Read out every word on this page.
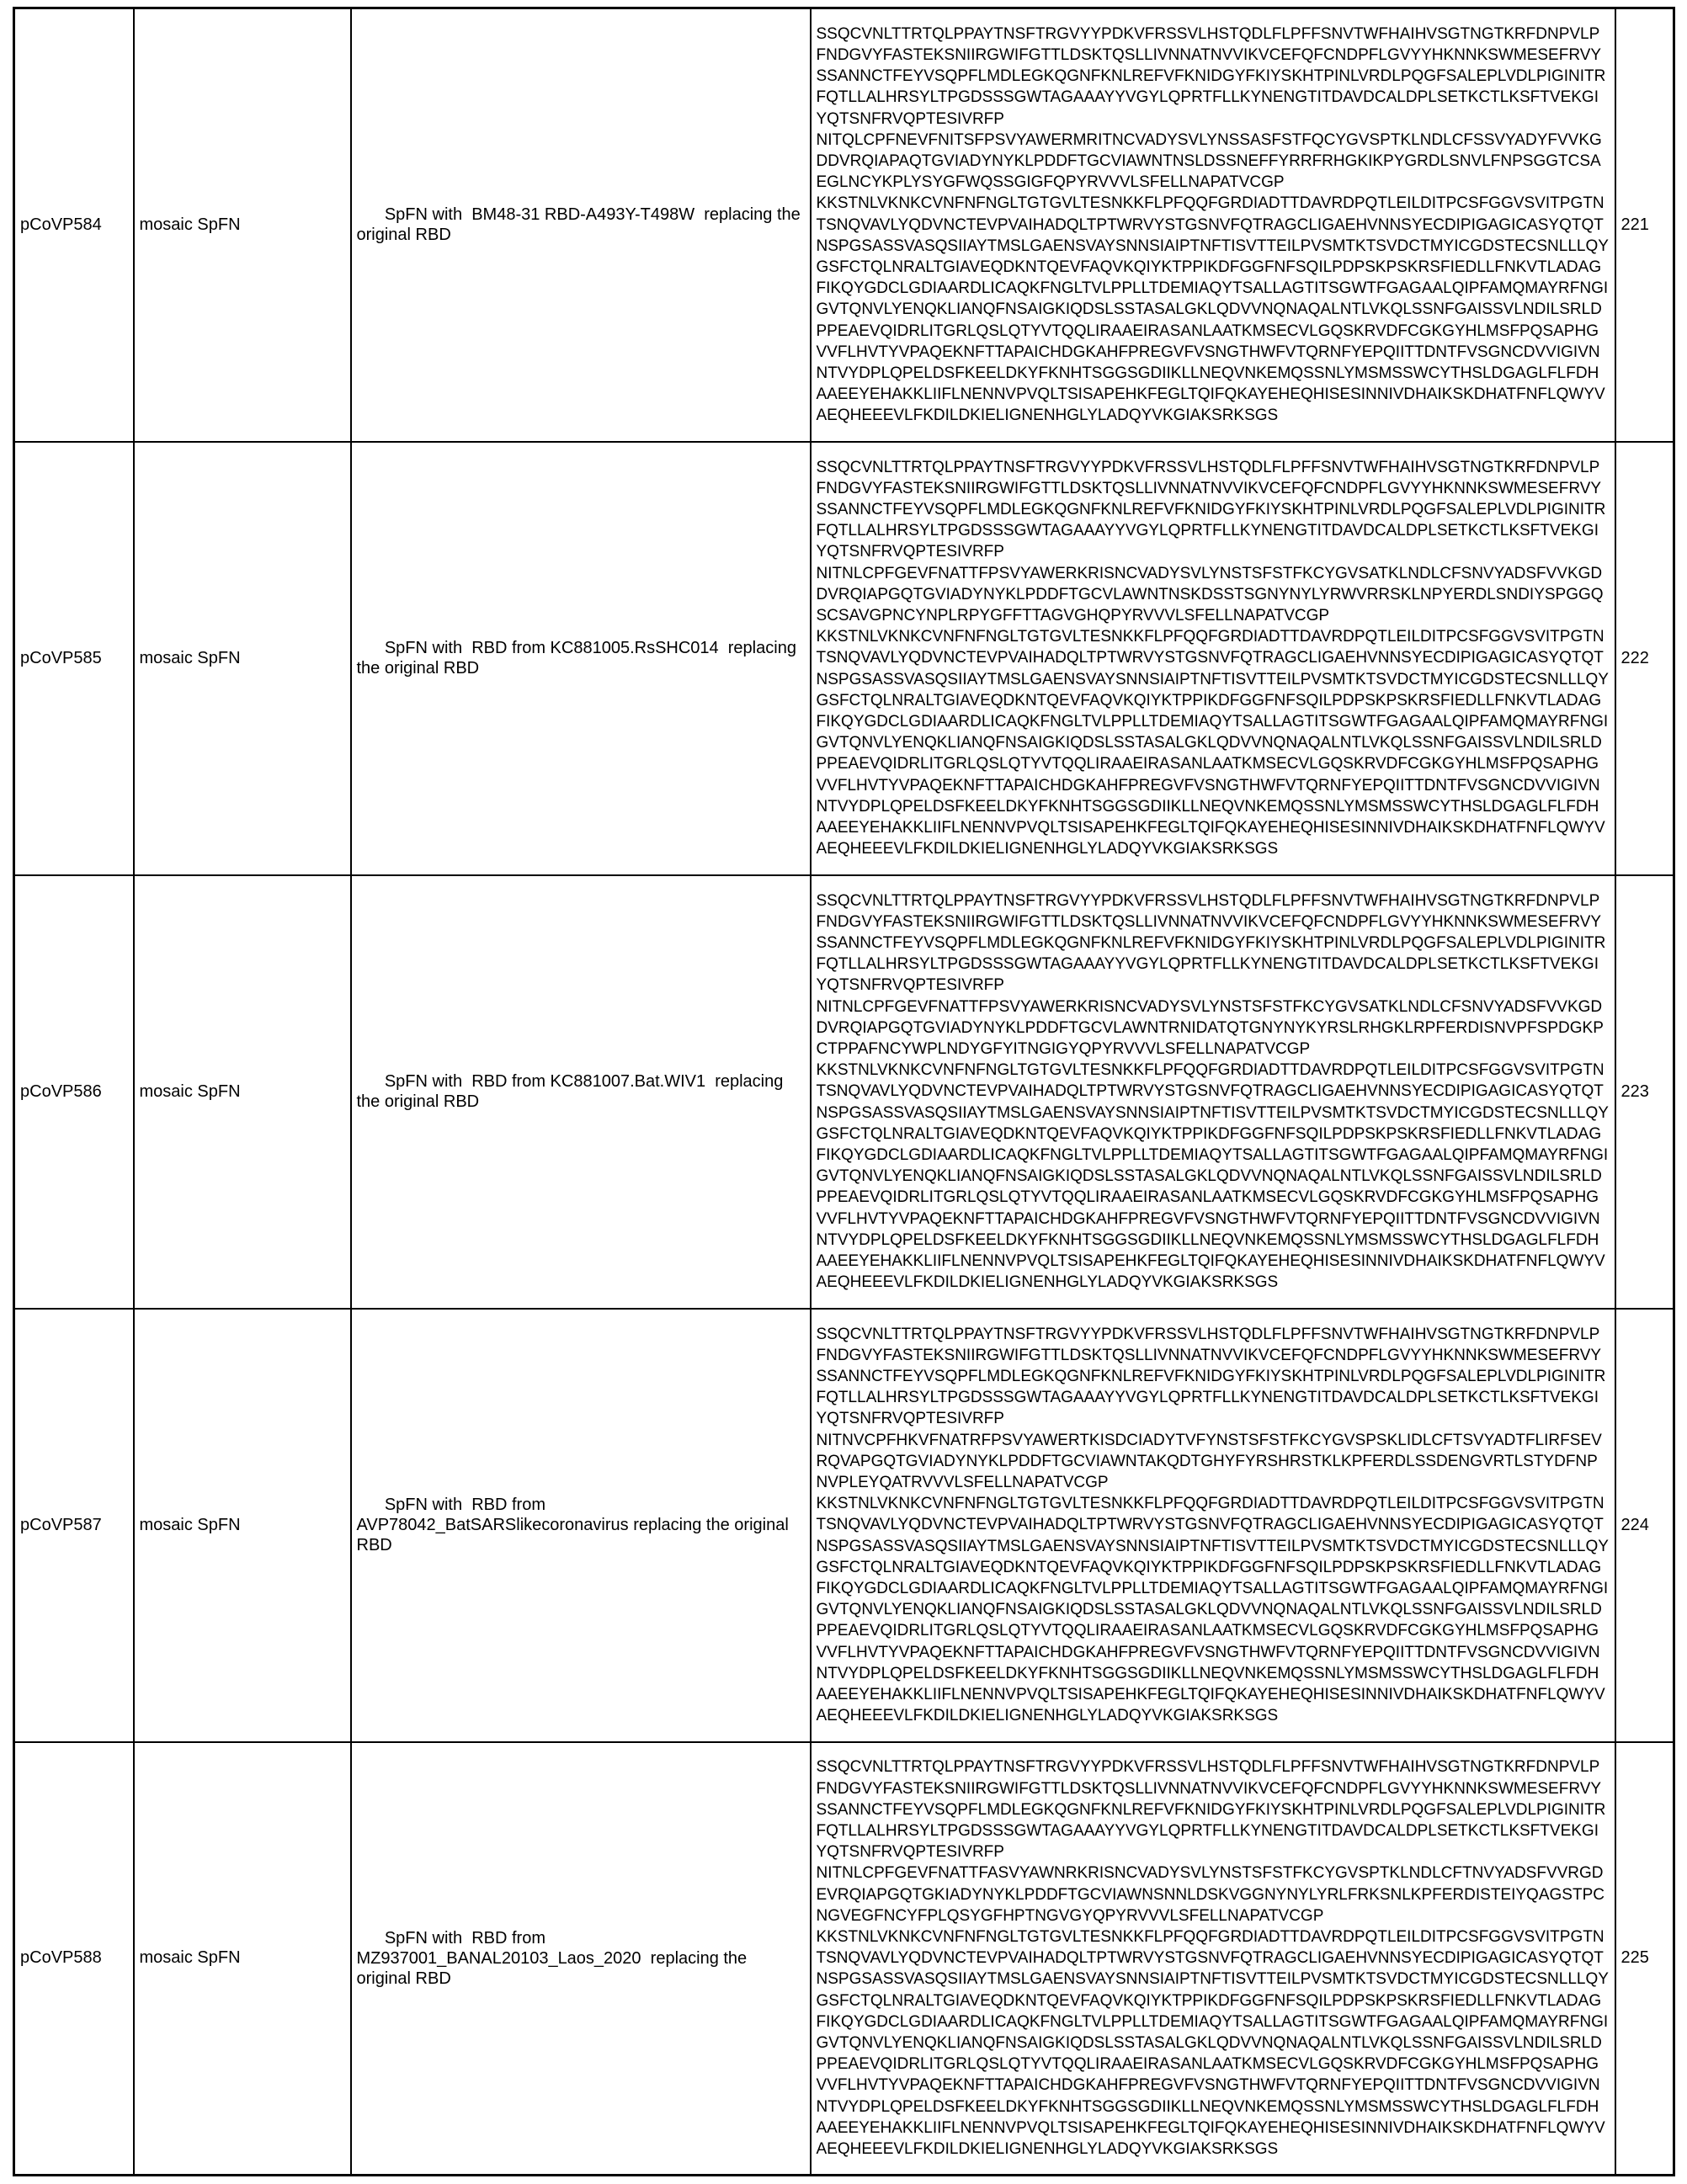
pCoVP584	mosaic SpFN	SpFN with  BM48-31 RBD-A493Y-T498W  replacing the original RBD	SSQCVNLTTRTQLPPAYTNSFTRGVYYPDKVFRSSVLHSTQDLFLPFFSNVTWFHAIHVSGTNGTKRFDNPVLPFNDGVYFASTEKSNIIRGWIFGTTLDSKTQSLLIVNNATNVVIKVCEFQFCNDPFLGVYYHKNNKSWMESEFRVYSSANNCTFEYVSQPFLMDLEGKQGNFKNLREFVFKNIDGYFKIYSKHTPINLVRDLPQGFSALEPLVDLPIGINITRFQTLLALHRSYLTPGDSSSGWTAGAAAYYVGYLQPRTFLLKYNENGTITDAVDCALDPLSETKCTLKSFTVEKGIYQTSNFRVQPTESIVRFP
NITQLCPFNEVFNITSFPSVYAWERMRITNCVADYSVLYNSSASFSTFQCYGVSPTKLNDLCFSSVYADYFVVKGDDVRQIAPAQTGVIADYNYKLPDDFTGCVIAWNTNSLDSSNEFFYRRFRHGKIKPYGRDLSNVLFNPSGGTCSAEGLNCYKPLYSYGFWQSSGIGFQPYRVVVLSFELLNAPATVCGP
KKSTNLVKNKCVNFNFNGLTGTGVLTESNKKFLPFQQFGRDIADTTDAVRDPQTLEILDITPCSFGGVSVITPGTNTSNQVAVLYQDVNCTEVPVAIHADQLTPTWRVYSTGSNVFQTRAGCLIGAEHVNNSYECDIPIGAGICASYQTQTNSPGSASSVASQSIIAYTMSLGAENSVAYSNNSIAIPTNFTISVTTEILPVSMTKTSVDCTMYICGDSTECSNLLLQYGSFCTQLNRALTGIAVEQDKNTQEVFAQVKQIYKTPPIKDFGGFNFSQILPDPSKPSKRSFIEDLLFNKVTLADAGFIKQYGDCLGDIAARDLICAQKFNGLTVLPPLLTDEMIAQYTSALLAGTITSGWTFGAGAALQIPFAMQMAYRFNGIGVTQNVLYENQKLIANQFNSAIGKIQDSLSSTASALGKLQDVVNQNAQALNTLVKQLSSNFGAISSVLNDILSRLDPPEAEVQIDRLITGRLQSLQTYVTQQLIRAAEIRASANLAATKMSECVLGQSKRVDFCGKGYHLMSFPQSAPHGVVFLHVTYVPAQEKNFTTAPAICHDGKAHFPREGVFVSNGTHWFVTQRNFYEPQIITTDNTFVSGNCDVVIGIVNNTVYDPLQPELDSFKEELDKYFKNHTSGGSGDIIKLLNEQVNKEMQSSNLYMSMSSWCYTHSLDGAGLFLFDHAAEEYEHAKKLIIFLNENNVPVQLTSISAPEHKFEGLTQIFQKAYEHEQHISESINNIVDHAIKSKDHATFNFLQWYVAEQHEEEVLFKDILDKIELIGNENHGLYLADQYVKGIAKSRKSGS	221
pCoVP585	mosaic SpFN	SpFN with  RBD from KC881005.RsSHC014  replacing the original RBD	SSQCVNLTTRTQLPPAYTNSFTRGVYYPDKVFRSSVLHSTQDLFLPFFSNVTWFHAIHVSGTNGTKRFDNPVLPFNDGVYFASTEKSNIIRGWIFGTTLDSKTQSLLIVNNATNVVIKVCEFQFCNDPFLGVYYHKNNKSWMESEFRVYSSANNCTFEYVSQPFLMDLEGKQGNFKNLREFVFKNIDGYFKIYSKHTPINLVRDLPQGFSALEPLVDLPIGINITRFQTLLALHRSYLTPGDSSSGWTAGAAAYYVGYLQPRTFLLKYNENGTITDAVDCALDPLSETKCTLKSFTVEKGIYQTSNFRVQPTESIVRFP
NITNLCPFGEVFNATTFPSVYAWERKRISNCVADYSVLYNSTSFSTFKCYGVSATKLNDLCFSNVYADSFVVKGDDVRQIAPGQTGVIADYNYKLPDDFTGCVLAWNTNSKDSSTSGNYNYLYRWVRRSKLNPYERDLSNDIYSPGGQSCSAVGPNCYNPLRPYGFFTTAGVGHQPYRVVVLSFELLNAPATVCGP
KKSTNLVKNKCVNFNFNGLTGTGVLTESNKKFLPFQQFGRDIADTTDAVRDPQTLEILDITPCSFGGVSVITPGTNTSNQVAVLYQDVNCTEVPVAIHADQLTPTWRVYSTGSNVFQTRAGCLIGAEHVNNSYECDIPIGAGICASYQTQTNSPGSASSVASQSIIAYTMSLGAENSVAYSNNSIAIPTNFTISVTTEILPVSMTKTSVDCTMYICGDSTECSNLLLQYGSFCTQLNRALTGIAVEQDKNTQEVFAQVKQIYKTPPIKDFGGFNFSQILPDPSKPSKRSFIEDLLFNKVTLADAGFIKQYGDCLGDIAARDLICAQKFNGLTVLPPLLTDEMIAQYTSALLAGTITSGWTFGAGAALQIPFAMQMAYRFNGIGVTQNVLYENQKLIANQFNSAIGKIQDSLSSTASALGKLQDVVNQNAQALNTLVKQLSSNFGAISSVLNDILSRLDPPEAEVQIDRLITGRLQSLQTYVTQQLIRAAEIRASANLAATKMSECVLGQSKRVDFCGKGYHLMSFPQSAPHGVVFLHVTYVPAQEKNFTTAPAICHDGKAHFPREGVFVSNGTHWFVTQRNFYEPQIITTDNTFVSGNCDVVIGIVNNTVYDPLQPELDSFKEELDKYFKNHTSGGSGDIIKLLNEQVNKEMQSSNLYMSMSSWCYTHSLDGAGLFLFDHAAEEYEHAKKLIIFLNENNVPVQLTSISAPEHKFEGLTQIFQKAYEHEQHISESINNIVDHAIKSKDHATFNFLQWYVAEQHEEEVLFKDILDKIELIGNENHGLYLADQYVKGIAKSRKSGS	222
pCoVP586	mosaic SpFN	SpFN with  RBD from KC881007.Bat.WIV1  replacing the original RBD	SSQCVNLTTRTQLPPAYTNSFTRGVYYPDKVFRSSVLHSTQDLFLPFFSNVTWFHAIHVSGTNGTKRFDNPVLPFNDGVYFASTEKSNIIRGWIFGTTLDSKTQSLLIVNNATNVVIKVCEFQFCNDPFLGVYYHKNNKSWMESEFRVYSSANNCTFEYVSQPFLMDLEGKQGNFKNLREFVFKNIDGYFKIYSKHTPINLVRDLPQGFSALEPLVDLPIGINITRFQTLLALHRSYLTPGDSSSGWTAGAAAYYVGYLQPRTFLLKYNENGTITDAVDCALDPLSETKCTLKSFTVEKGIYQTSNFRVQPTESIVRFP
NITNLCPFGEVFNATTFPSVYAWERKRISNCVADYSVLYNSTSFSTFKCYGVSATKLNDLCFSNVYADSFVVKGDDVRQIAPGQTGVIADYNYKLPDDFTGCVLAWNTRNIDATQTGNYNYKYRSLRHGKLRPFERDISNVPFSPDGKPCTPPAFNCYWPLNDYGFYITNGIGYQPYRVVVLSFELLNAPATVCGP
KKSTNLVKNKCVNFNFNGLTGTGVLTESNKKFLPFQQFGRDIADTTDAVRDPQTLEILDITPCSFGGVSVITPGTNTSNQVAVLYQDVNCTEVPVAIHADQLTPTWRVYSTGSNVFQTRAGCLIGAEHVNNSYECDIPIGAGICASYQTQTNSPGSASSVASQSIIAYTMSLGAENSVAYSNNSIAIPTNFTISVTTEILPVSMTKTSVDCTMYICGDSTECSNLLLQYGSFCTQLNRALTGIAVEQDKNTQEVFAQVKQIYKTPPIKDFGGFNFSQILPDPSKPSKRSFIEDLLFNKVTLADAGFIKQYGDCLGDIAARDLICAQKFNGLTVLPPLLTDEMIAQYTSALLAGTITSGWTFGAGAALQIPFAMQMAYRFNGIGVTQNVLYENQKLIANQFNSAIGKIQDSLSSTASALGKLQDVVNQNAQALNTLVKQLSSNFGAISSVLNDILSRLDPPEAEVQIDRLITGRLQSLQTYVTQQLIRAAEIRASANLAATKMSECVLGQSKRVDFCGKGYHLMSFPQSAPHGVVFLHVTYVPAQEKNFTTAPAICHDGKAHFPREGVFVSNGTHWFVTQRNFYEPQIITTDNTFVSGNCDVVIGIVNNTVYDPLQPELDSFKEELDKYFKNHTSGGSGDIIKLLNEQVNKEMQSSNLYMSMSSWCYTHSLDGAGLFLFDHAAEEYEHAKKLIIFLNENNVPVQLTSISAPEHKFEGLTQIFQKAYEHEQHISESINNIVDHAIKSKDHATFNFLQWYVAEQHEEEVLFKDILDKIELIGNENHGLYLADQYVKGIAKSRKSGS	223
pCoVP587	mosaic SpFN	SpFN with  RBD from AVP78042_BatSARSlikecoronavirus replacing the original RBD	SSQCVNLTTRTQLPPAYTNSFTRGVYYPDKVFRSSVLHSTQDLFLPFFSNVTWFHAIHVSGTNGTKRFDNPVLPFNDGVYFASTEKSNIIRGWIFGTTLDSKTQSLLIVNNATNVVIKVCEFQFCNDPFLGVYYHKNNKSWMESEFRVYSSANNCTFEYVSQPFLMDLEGKQGNFKNLREFVFKNIDGYFKIYSKHTPINLVRDLPQGFSALEPLVDLPIGINITRFQTLLALHRSYLTPGDSSSGWTAGAAAYYVGYLQPRTFLLKYNENGTITDAVDCALDPLSETKCTLKSFTVEKGIYQTSNFRVQPTESIVRFP
NITNVCPFHKVFNATRFPSVYAWERTKISDCIADYTVFYNSTSFSTFKCYGVSPSKLIDLCFTSVYADTFLIRFSEVRQVAPGQTGVIADYNYKLPDDFTGCVIAWNTAKQDTGHYFYRSHRSTKLKPFERDLSSDENGVRTLSTYDFNPNVPLEYQATRVVVLSFELLNAPATVCGP
KKSTNLVKNKCVNFNFNGLTGTGVLTESNKKFLPFQQFGRDIADTTDAVRDPQTLEILDITPCSFGGVSVITPGTNTSNQVAVLYQDVNCTEVPVAIHADQLTPTWRVYSTGSNVFQTRAGCLIGAEHVNNSYECDIPIGAGICASYQTQTNSPGSASSVASQSIIAYTMSLGAENSVAYSNNSIAIPTNFTISVTTEILPVSMTKTSVDCTMYICGDSTECSNLLLQYGSFCTQLNRALTGIAVEQDKNTQEVFAQVKQIYKTPPIKDFGGFNFSQILPDPSKPSKRSFIEDLLFNKVTLADAGFIKQYGDCLGDIAARDLICAQKFNGLTVLPPLLTDEMIAQYTSALLAGTITSGWTFGAGAALQIPFAMQMAYRFNGIGVTQNVLYENQKLIANQFNSAIGKIQDSLSSTASALGKLQDVVNQNAQALNTLVKQLSSNFGAISSVLNDILSRLDPPEAEVQIDRLITGRLQSLQTYVTQQLIRAAEIRASANLAATKMSECVLGQSKRVDFCGKGYHLMSFPQSAPHGVVFLHVTYVPAQEKNFTTAPAICHDGKAHFPREGVFVSNGTHWFVTQRNFYEPQIITTDNTFVSGNCDVVIGIVNNTVYDPLQPELDSFKEELDKYFKNHTSGGSGDIIKLLNEQVNKEMQSSNLYMSMSSWCYTHSLDGAGLFLFDHAAEEYEHAKKLIIFLNENNVPVQLTSISAPEHKFEGLTQIFQKAYEHEQHISESINNIVDHAIKSKDHATFNFLQWYVAEQHEEEVLFKDILDKIELIGNENHGLYLADQYVKGIAKSRKSGS	224
pCoVP588	mosaic SpFN	SpFN with  RBD from MZ937001_BANAL20103_Laos_2020  replacing the original RBD	SSQCVNLTTRTQLPPAYTNSFTRGVYYPDKVFRSSVLHSTQDLFLPFFSNVTWFHAIHVSGTNGTKRFDNPVLPFNDGVYFASTEKSNIIRGWIFGTTLDSKTQSLLIVNNATNVVIKVCEFQFCNDPFLGVYYHKNNKSWMESEFRVYSSANNCTFEYVSQPFLMDLEGKQGNFKNLREFVFKNIDGYFKIYSKHTPINLVRDLPQGFSALEPLVDLPIGINITRFQTLLALHRSYLTPGDSSSGWTAGAAAYYVGYLQPRTFLLKYNENGTITDAVDCALDPLSETKCTLKSFTVEKGIYQTSNFRVQPTESIVRFP
NITNLCPFGEVFNATTFASVYAWNRKRISNCVADYSVLYNSTSFSTFKCYGVSPTKLNDLCFTNVYADSFVVRGDEVRQIAPGQTGKIADYNYKLPDDFTGCVIAWNSNNLDSKVGGNYNYLYRLFRKSNLKPFERDISTEIYQAGSTPCNGVEGFNCYFPLQSYGFHPTNGVGYQPYRVVVLSFELLNAPATVCGP
KKSTNLVKNKCVNFNFNGLTGTGVLTESNKKFLPFQQFGRDIADTTDAVRDPQTLEILDITPCSFGGVSVITPGTNTSNQVAVLYQDVNCTEVPVAIHADQLTPTWRVYSTGSNVFQTRAGCLIGAEHVNNSYECDIPIGAGICASYQTQTNSPGSASSVASQSIIAYTMSLGAENSVAYSNNSIAIPTNFTISVTTEILPVSMTKTSVDCTMYICGDSTECSNLLLQYGSFCTQLNRALTGIAVEQDKNTQEVFAQVKQIYKTPPIKDFGGFNFSQILPDPSKPSKRSFIEDLLFNKVTLADAGFIKQYGDCLGDIAARDLICAQKFNGLTVLPPLLTDEMIAQYTSALLAGTITSGWTFGAGAALQIPFAMQMAYRFNGIGVTQNVLYENQKLIANQFNSAIGKIQDSLSSTASALGKLQDVVNQNAQALNTLVKQLSSNFGAISSVLNDILSRLDPPEAEVQIDRLITGRLQSLQTYVTQQLIRAAEIRASANLAATKMSECVLGQSKRVDFCGKGYHLMSFPQSAPHGVVFLHVTYVPAQEKNFTTAPAICHDGKAHFPREGVFVSNGTHWFVTQRNFYEPQIITTDNTFVSGNCDVVIGIVNNTVYDPLQPELDSFKEELDKYFKNHTSGGSGDIIKLLNEQVNKEMQSSNLYMSMSSWCYTHSLDGAGLFLFDHAAEEYEHAKKLIIFLNENNVPVQLTSISAPEHKFEGLTQIFQKAYEHEQHISESINNIVDHAIKSKDHATFNFLQWYVAEQHEEEVLFKDILDKIELIGNENHGLYLADQYVKGIAKSRKSGS	225
